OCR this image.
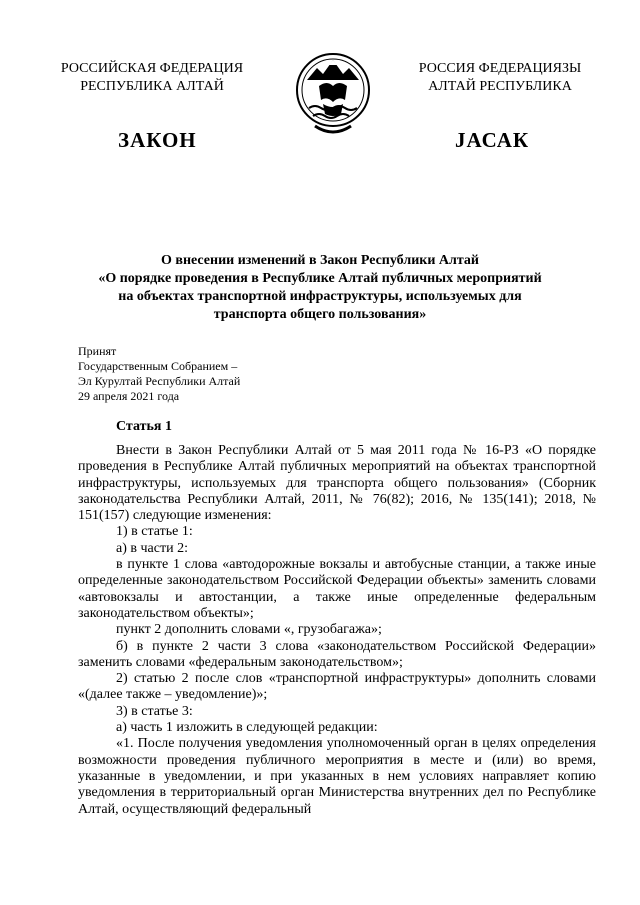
РОССИЙСКАЯ ФЕДЕРАЦИЯ
РЕСПУБЛИКА АЛТАЙ
РОССИЯ ФЕДЕРАЦИЯЗЫ
АЛТАЙ РЕСПУБЛИКА
ЗАКОН	ЈАСАК
О внесении изменений в Закон Республики Алтай
«О порядке проведения в Республике Алтай публичных мероприятий
на объектах транспортной инфраструктуры, используемых для
транспорта общего пользования»
Принят
Государственным Собранием –
Эл Курултай Республики Алтай
29 апреля 2021 года
Статья 1

Внести в Закон Республики Алтай от 5 мая 2011 года № 16-РЗ «О порядке проведения в Республике Алтай публичных мероприятий на объектах транспортной инфраструктуры, используемых для транспорта общего пользования» (Сборник законодательства Республики Алтай, 2011, № 76(82); 2016, № 135(141); 2018, № 151(157) следующие изменения:

1) в статье 1:

а) в части 2:

в пункте 1 слова «автодорожные вокзалы и автобусные станции, а также иные определенные законодательством Российской Федерации объекты» заменить словами «автовокзалы и автостанции, а также иные определенные федеральным законодательством объекты»;

пункт 2 дополнить словами «, грузобагажа»;

б) в пункте 2 части 3 слова «законодательством Российской Федерации» заменить словами «федеральным законодательством»;

2) статью 2 после слов «транспортной инфраструктуры» дополнить словами «(далее также – уведомление)»;

3) в статье 3:

а) часть 1 изложить в следующей редакции:

«1. После получения уведомления уполномоченный орган в целях определения возможности проведения публичного мероприятия в месте и (или) во время, указанные в уведомлении, и при указанных в нем условиях направляет копию уведомления в территориальный орган Министерства внутренних дел по Республике Алтай, осуществляющий федеральный
